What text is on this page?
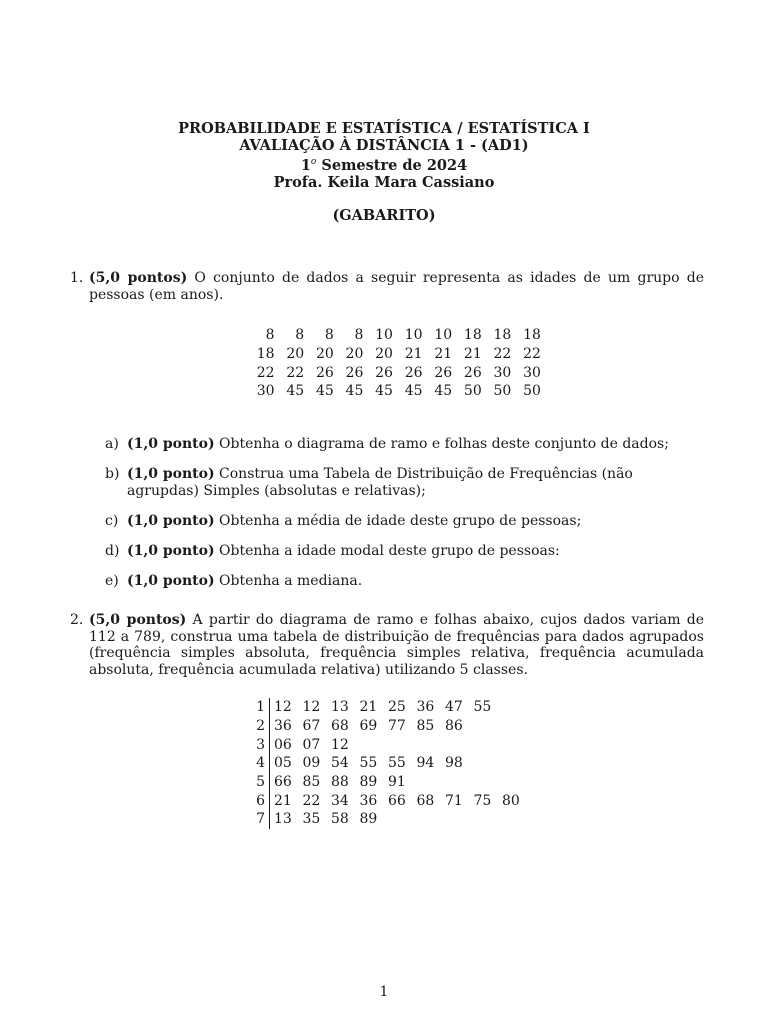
PROBABILIDADE E ESTATÍSTICA / ESTATÍSTICA I
AVALIAÇÃO À DISTÂNCIA 1 - (AD1)
1$^o$ Semestre de 2024
Profa. Keila Mara Cassiano
(GABARITO)
1. (5,0 pontos) O conjunto de dados a seguir representa as idades de um grupo de pessoas (em anos).
8	8	8	8	10	10	10	18	18	18
18	20	20	20	20	21	21	21	22	22
22	22	26	26	26	26	26	26	30	30
30	45	45	45	45	45	45	50	50	50
a) (1,0 ponto) Obtenha o diagrama de ramo e folhas deste conjunto de dados;
b) (1,0 ponto) Construa uma Tabela de Distribuição de Frequências (não agrupdas) Simples (absolutas e relativas);
c) (1,0 ponto) Obtenha a média de idade deste grupo de pessoas;
d) (1,0 ponto) Obtenha a idade modal deste grupo de pessoas:
e) (1,0 ponto) Obtenha a mediana.
2. (5,0 pontos) A partir do diagrama de ramo e folhas abaixo, cujos dados variam de 112 a 789, construa uma tabela de distribuição de frequências para dados agrupados (frequência simples absoluta, frequência simples relativa, frequência acumulada absoluta, frequência acumulada relativa) utilizando 5 classes.
1	12	12	13	21	25	36	47	55	
2	36	67	68	69	77	85	86		
3	06	07	12						
4	05	09	54	55	55	94	98		
5	66	85	88	89	91				
6	21	22	34	36	66	68	71	75	80
7	13	35	58	89					
1
